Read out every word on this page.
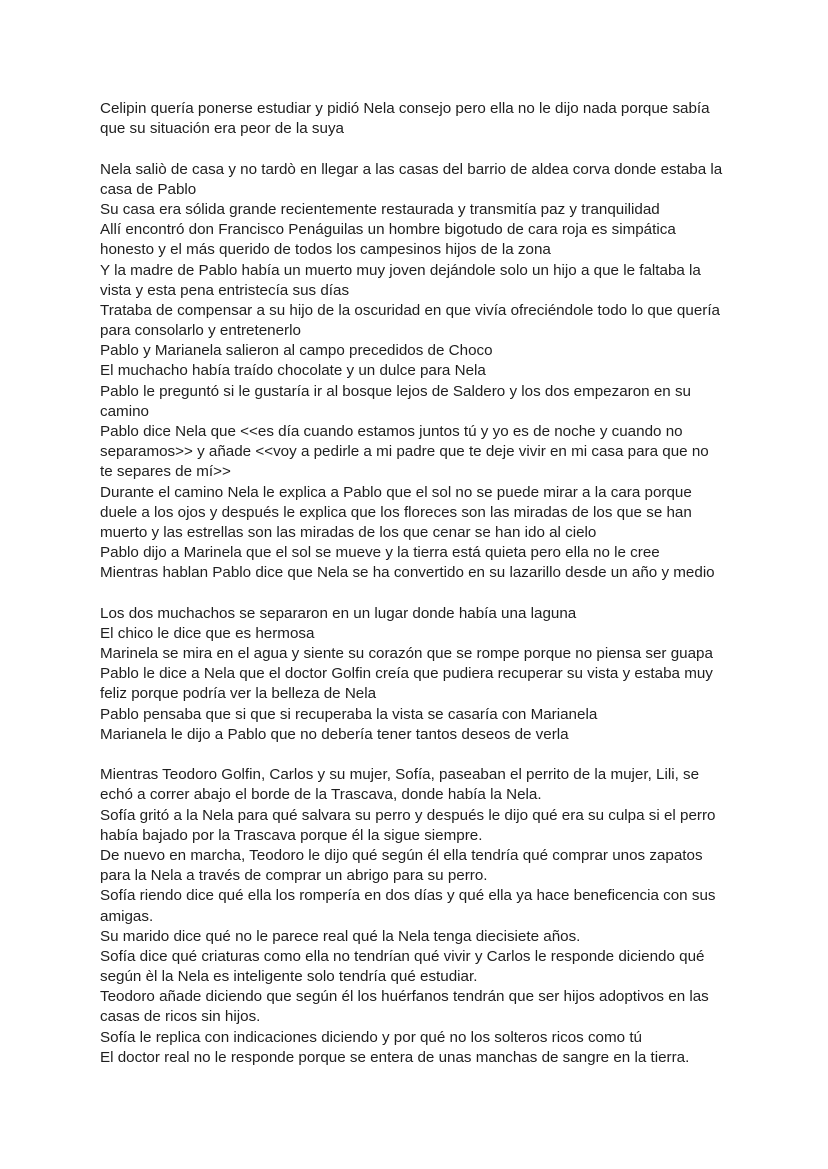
Celipin quería ponerse estudiar y pidió Nela consejo pero ella no le dijo nada porque sabía
que su situación era peor de la suya
Nela saliò de casa y no tardò en llegar a las casas del barrio de aldea corva donde estaba la
casa de Pablo
Su casa era sólida grande recientemente restaurada y transmitía paz y tranquilidad
Allí encontró don Francisco Penáguilas un hombre bigotudo de cara roja es simpática
honesto y el más querido de todos los campesinos hijos de la zona
Y la madre de Pablo había un muerto muy joven dejándole solo un hijo a que le faltaba la
vista y esta pena entristecía sus días
Trataba de compensar a su hijo de la oscuridad en que vivía ofreciéndole todo lo que quería
para consolarlo y entretenerlo
Pablo y Marianela salieron al campo precedidos de Choco
El muchacho había traído chocolate y un dulce para Nela
Pablo le preguntó si le gustaría ir al bosque lejos de Saldero y los dos empezaron en su
camino
Pablo dice Nela que <<es día cuando estamos juntos tú y yo es de noche y cuando no
separamos>> y añade <<voy a pedirle a mi padre que te deje vivir en mi casa para que no
te separes de mí>>
Durante el camino Nela le explica a Pablo que el sol no se puede mirar a la cara porque
duele a los ojos y después le explica que los floreces son las miradas de los que se han
muerto y las estrellas son las miradas de los que cenar se han ido al cielo
Pablo dijo a Marinela que el sol se mueve y la tierra está quieta pero ella no le cree
Mientras hablan Pablo dice que Nela se ha convertido en su lazarillo desde un año y medio
Los dos muchachos se separaron en un lugar donde había una laguna
El chico le dice que es hermosa
Marinela se mira en el agua y siente su corazón que se rompe porque no piensa ser guapa
Pablo le dice a Nela que el doctor Golfin creía que pudiera recuperar su vista y estaba muy
feliz porque podría ver la belleza de Nela
Pablo pensaba que si que si recuperaba la vista se casaría con Marianela
Marianela le dijo a Pablo que no debería tener tantos deseos de verla
Mientras Teodoro Golfin, Carlos y su mujer, Sofía, paseaban el perrito de la mujer, Lili, se
echó a correr abajo el borde de la Trascava, donde había la Nela.
Sofía gritó a la Nela para qué salvara su perro y después le dijo qué era su culpa si el perro
había bajado por la Trascava porque él la sigue siempre.
De nuevo en marcha, Teodoro le dijo qué según él ella tendría qué comprar unos zapatos
para la Nela a través de comprar un abrigo para su perro.
Sofía riendo dice qué ella los rompería en dos días y qué ella ya hace beneficencia con sus
amigas.
Su marido dice qué no le parece real qué la Nela tenga diecisiete años.
Sofía dice qué criaturas como ella no tendrían qué vivir y Carlos le responde diciendo qué
según èl la Nela es inteligente solo tendría qué estudiar.
Teodoro añade diciendo que según él los huérfanos tendrán que ser hijos adoptivos en las
casas de ricos sin hijos.
Sofía le replica con indicaciones diciendo y por qué no los solteros ricos como tú
El doctor real no le responde porque se entera de unas manchas de sangre en la tierra.
